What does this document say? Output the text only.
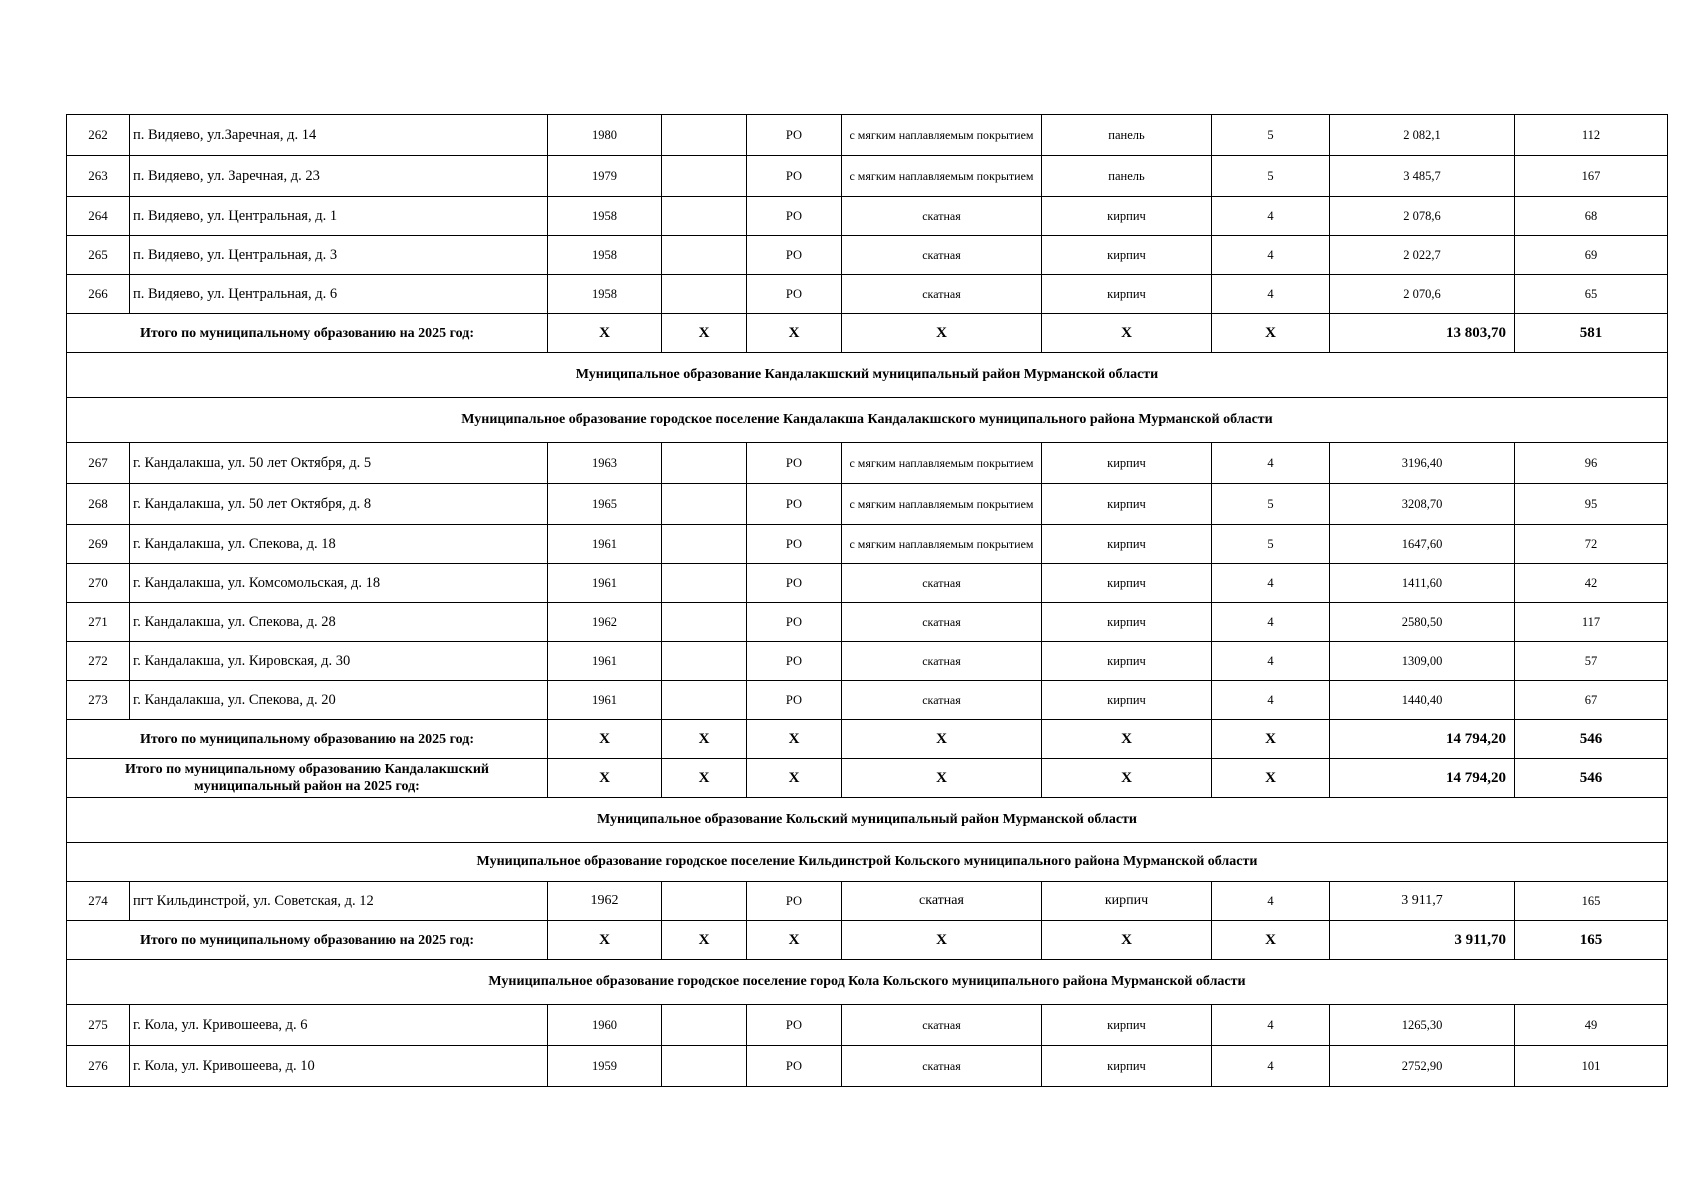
262	п. Видяево, ул.Заречная, д. 14	1980		РО	с мягким наплавляемым покрытием	панель	5	2 082,1	112
263	п. Видяево, ул. Заречная, д. 23	1979		РО	с мягким наплавляемым покрытием	панель	5	3 485,7	167
264	п. Видяево, ул. Центральная, д. 1	1958		РО	скатная	кирпич	4	2 078,6	68
265	п. Видяево, ул. Центральная, д. 3	1958		РО	скатная	кирпич	4	2 022,7	69
266	п. Видяево, ул. Центральная, д. 6	1958		РО	скатная	кирпич	4	2 070,6	65
Итого по муниципальному образованию на 2025 год:		X	X	X	X	X	X	13 803,70	581
Муниципальное образование Кандалакшский муниципальный район Мурманской области									
Муниципальное образование городское поселение Кандалакша Кандалакшского муниципального района Мурманской области									
267	г. Кандалакша, ул. 50 лет Октября, д. 5	1963		РО	с мягким наплавляемым покрытием	кирпич	4	3196,40	96
268	г. Кандалакша, ул. 50 лет Октября, д. 8	1965		РО	с мягким наплавляемым покрытием	кирпич	5	3208,70	95
269	г. Кандалакша, ул. Спекова, д. 18	1961		РО	с мягким наплавляемым покрытием	кирпич	5	1647,60	72
270	г. Кандалакша, ул. Комсомольская, д. 18	1961		РО	скатная	кирпич	4	1411,60	42
271	г. Кандалакша, ул. Спекова, д. 28	1962		РО	скатная	кирпич	4	2580,50	117
272	г. Кандалакша, ул. Кировская, д. 30	1961		РО	скатная	кирпич	4	1309,00	57
273	г. Кандалакша, ул. Спекова, д. 20	1961		РО	скатная	кирпич	4	1440,40	67
Итого по муниципальному образованию на 2025 год:		X	X	X	X	X	X	14 794,20	546
Итого по муниципальному образованию Кандалакшский муниципальный район на 2025 год:		X	X	X	X	X	X	14 794,20	546
Муниципальное образование Кольский муниципальный район Мурманской области									
Муниципальное образование городское поселение Кильдинстрой Кольского муниципального района Мурманской области									
274	пгт Кильдинстрой, ул. Советская, д. 12	1962		РО	скатная	кирпич	4	3 911,7	165
Итого по муниципальному образованию на 2025 год:		X	X	X	X	X	X	3 911,70	165
Муниципальное образование городское поселение город Кола Кольского муниципального района Мурманской области									
275	г. Кола, ул. Кривошеева, д. 6	1960		РО	скатная	кирпич	4	1265,30	49
276	г. Кола, ул. Кривошеева, д. 10	1959		РО	скатная	кирпич	4	2752,90	101
